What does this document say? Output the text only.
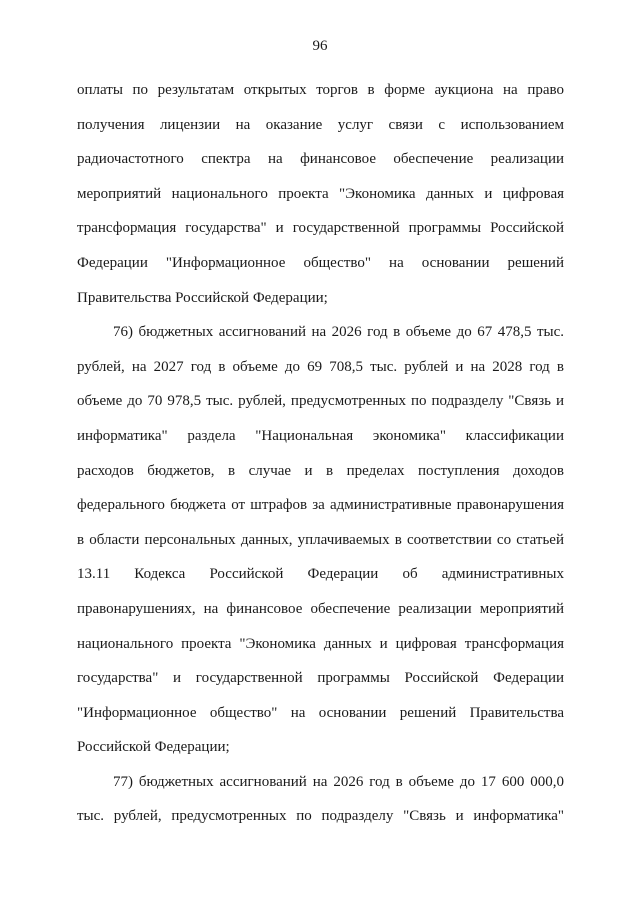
96
оплаты по результатам открытых торгов в форме аукциона на право
получения лицензии на оказание услуг связи с использованием
радиочастотного спектра на финансовое обеспечение реализации
мероприятий национального проекта "Экономика данных и цифровая
трансформация государства" и государственной программы Российской
Федерации "Информационное общество" на основании решений
Правительства Российской Федерации;
76) бюджетных ассигнований на 2026 год в объеме до 67 478,5 тыс.
рублей, на 2027 год в объеме до 69 708,5 тыс. рублей и на 2028 год в
объеме до 70 978,5 тыс. рублей, предусмотренных по подразделу "Связь и
информатика" раздела "Национальная экономика" классификации
расходов бюджетов, в случае и в пределах поступления доходов
федерального бюджета от штрафов за административные правонарушения
в области персональных данных, уплачиваемых в соответствии со статьей
13.11 Кодекса Российской Федерации об административных
правонарушениях, на финансовое обеспечение реализации мероприятий
национального проекта "Экономика данных и цифровая трансформация
государства" и государственной программы Российской Федерации
"Информационное общество" на основании решений Правительства
Российской Федерации;
77) бюджетных ассигнований на 2026 год в объеме до 17 600 000,0
тыс. рублей, предусмотренных по подразделу "Связь и информатика"
